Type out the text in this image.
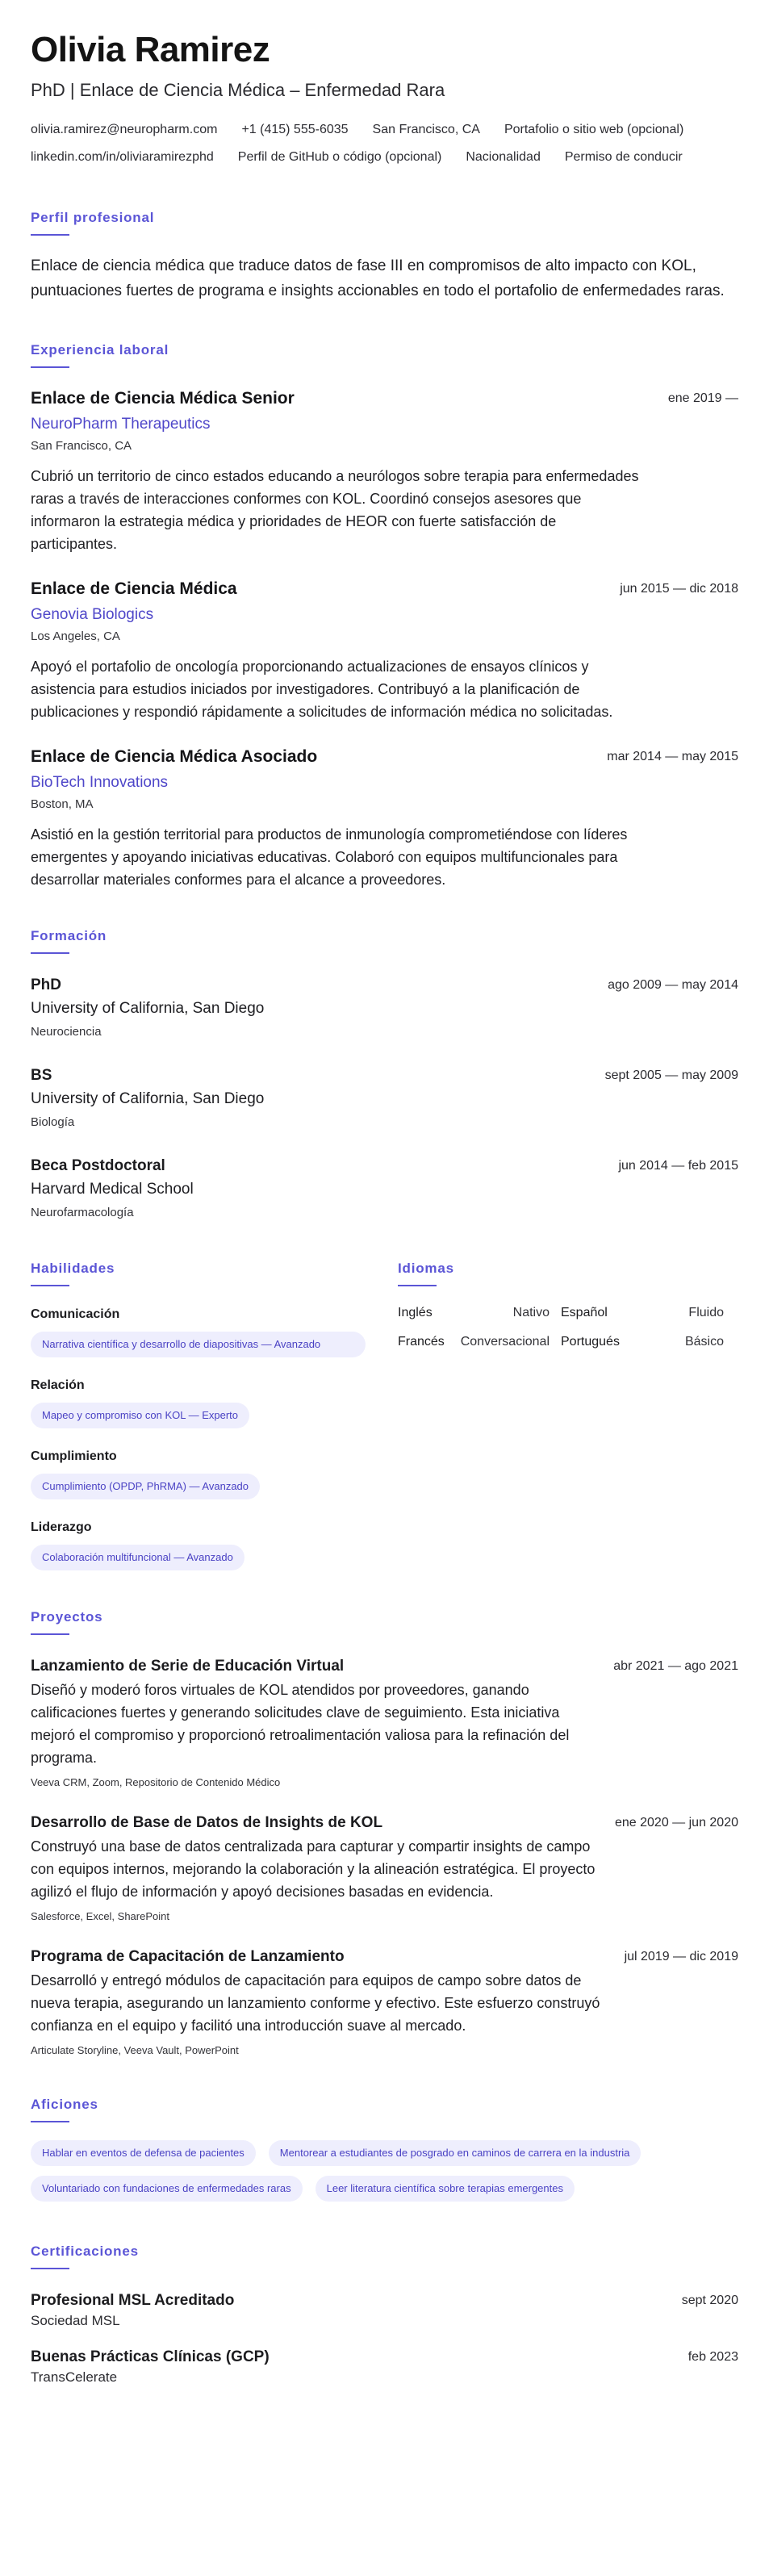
Olivia Ramirez
PhD | Enlace de Ciencia Médica – Enfermedad Rara
olivia.ramirez@neuropharm.com +1 (415) 555-6035 San Francisco, CA Portafolio o sitio web (opcional)
linkedin.com/in/oliviaramirezphd Perfil de GitHub o código (opcional) Nacionalidad Permiso de conducir
Perfil profesional
Enlace de ciencia médica que traduce datos de fase III en compromisos de alto impacto con KOL, puntuaciones fuertes de programa e insights accionables en todo el portafolio de enfermedades raras.
Experiencia laboral
Enlace de Ciencia Médica Senior	ene 2019 —
NeuroPharm Therapeutics
San Francisco, CA
Cubrió un territorio de cinco estados educando a neurólogos sobre terapia para enfermedades raras a través de interacciones conformes con KOL. Coordinó consejos asesores que informaron la estrategia médica y prioridades de HEOR con fuerte satisfacción de participantes.
Enlace de Ciencia Médica	jun 2015 — dic 2018
Genovia Biologics
Los Angeles, CA
Apoyó el portafolio de oncología proporcionando actualizaciones de ensayos clínicos y asistencia para estudios iniciados por investigadores. Contribuyó a la planificación de publicaciones y respondió rápidamente a solicitudes de información médica no solicitadas.
Enlace de Ciencia Médica Asociado	mar 2014 — may 2015
BioTech Innovations
Boston, MA
Asistió en la gestión territorial para productos de inmunología comprometiéndose con líderes emergentes y apoyando iniciativas educativas. Colaboró con equipos multifuncionales para desarrollar materiales conformes para el alcance a proveedores.
Formación
PhD	ago 2009 — may 2014
University of California, San Diego
Neurociencia
BS	sept 2005 — may 2009
University of California, San Diego
Biología
Beca Postdoctoral	jun 2014 — feb 2015
Harvard Medical School
Neurofarmacología
Habilidades
Comunicación
Narrativa científica y desarrollo de diapositivas — Avanzado
Relación
Mapeo y compromiso con KOL — Experto
Cumplimiento
Cumplimiento (OPDP, PhRMA) — Avanzado
Liderazgo
Colaboración multifuncional — Avanzado
Idiomas
Inglés	Nativo Español	Fluido
Francés	Conversacional Portugués	Básico
Proyectos
Lanzamiento de Serie de Educación Virtual	abr 2021 — ago 2021
Diseñó y moderó foros virtuales de KOL atendidos por proveedores, ganando calificaciones fuertes y generando solicitudes clave de seguimiento. Esta iniciativa mejoró el compromiso y proporcionó retroalimentación valiosa para la refinación del programa.
Veeva CRM, Zoom, Repositorio de Contenido Médico
Desarrollo de Base de Datos de Insights de KOL	ene 2020 — jun 2020
Construyó una base de datos centralizada para capturar y compartir insights de campo con equipos internos, mejorando la colaboración y la alineación estratégica. El proyecto agilizó el flujo de información y apoyó decisiones basadas en evidencia.
Salesforce, Excel, SharePoint
Programa de Capacitación de Lanzamiento	jul 2019 — dic 2019
Desarrolló y entregó módulos de capacitación para equipos de campo sobre datos de nueva terapia, asegurando un lanzamiento conforme y efectivo. Este esfuerzo construyó confianza en el equipo y facilitó una introducción suave al mercado.
Articulate Storyline, Veeva Vault, PowerPoint
Aficiones
Hablar en eventos de defensa de pacientes	Mentorear a estudiantes de posgrado en caminos de carrera en la industria
Voluntariado con fundaciones de enfermedades raras	Leer literatura científica sobre terapias emergentes
Certificaciones
Profesional MSL Acreditado	sept 2020
Sociedad MSL
Buenas Prácticas Clínicas (GCP)	feb 2023
TransCelerate
